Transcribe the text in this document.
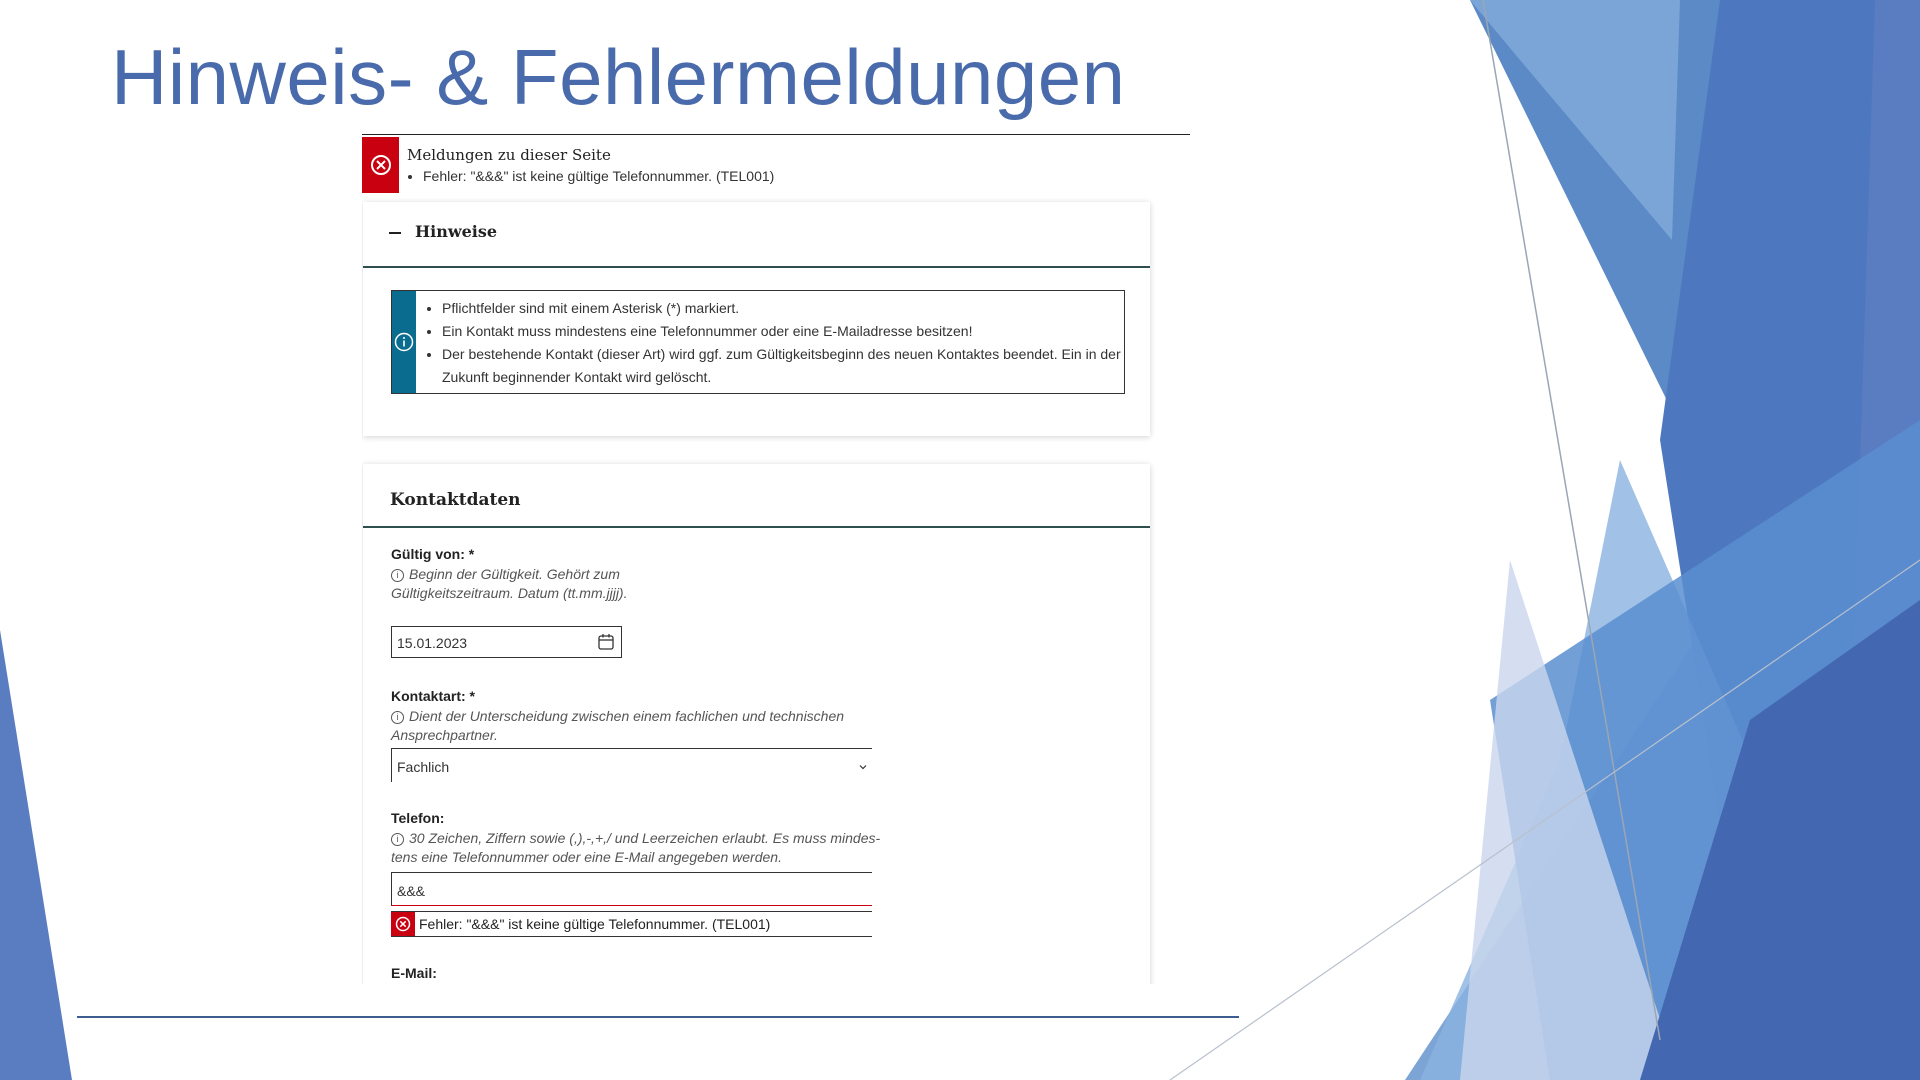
Hinweis- & Fehlermeldungen
Meldungen zu dieser Seite
• Fehler: "&&&" ist keine gültige Telefonnummer. (TEL001)
Hinweise
• Pflichtfelder sind mit einem Asterisk (*) markiert.
• Ein Kontakt muss mindestens eine Telefonnummer oder eine E-Mailadresse besitzen!
• Der bestehende Kontakt (dieser Art) wird ggf. zum Gültigkeitsbeginn des neuen Kontaktes beendet. Ein in der Zukunft beginnender Kontakt wird gelöscht.
Kontaktdaten
Gültig von: *
i Beginn der Gültigkeit. Gehört zum Gültigkeitszeitraum. Datum (tt.mm.jjjj).
15.01.2023
Kontaktart: *
i Dient der Unterscheidung zwischen einem fachlichen und technischen Ansprechpartner.
Fachlich
Telefon:
i 30 Zeichen, Ziffern sowie (,),-,+,/ und Leerzeichen erlaubt. Es muss mindes-tens eine Telefonnummer oder eine E-Mail angegeben werden.
&&&
Fehler: "&&&" ist keine gültige Telefonnummer. (TEL001)
E-Mail:
